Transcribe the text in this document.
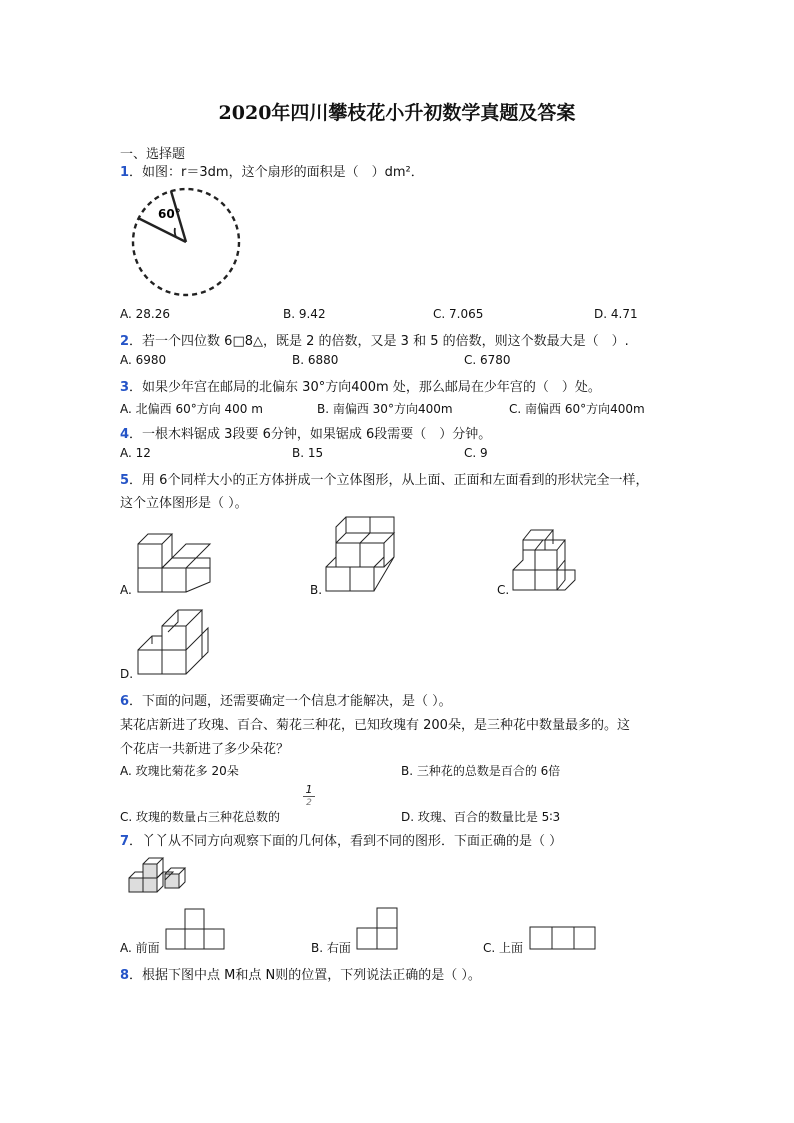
2020年四川攀枝花小升初数学真题及答案
一、选择题
1．如图：r＝3dm，这个扇形的面积是（　）dm²．
60°
A. 28.26	B. 9.42	C. 7.065	D. 4.71
2．若一个四位数 6□8△，既是 2 的倍数，又是 3 和 5 的倍数，则这个数最大是（　）.
A. 6980	B. 6880	C. 6780
3．如果少年宫在邮局的北偏东 30°方向400m 处，那么邮局在少年宫的（　）处。
A. 北偏西 60°方向 400 m	B. 南偏西 30°方向400m	C. 南偏西 60°方向400m
4．一根木料锯成 3段要 6分钟，如果锯成 6段需要（　）分钟。
A. 12	B. 15	C. 9
5．用 6个同样大小的正方体拼成一个立体图形，从上面、正面和左面看到的形状完全一样，
这个立体图形是（ ）。
A.	B.	C.
D.
6．下面的问题，还需要确定一个信息才能解决，是（ ）。
某花店新进了玫瑰、百合、菊花三种花，已知玫瑰有 200朵，是三种花中数量最多的。这
个花店一共新进了多少朵花？
A. 玫瑰比菊花多 20朵	B. 三种花的总数是百合的 6倍
C. 玫瑰的数量占三种花总数的
1
2
D. 玫瑰、百合的数量比是 5∶3
7．丫丫从不同方向观察下面的几何体，看到不同的图形．下面正确的是（ ）
A. 前面	B. 右面	C. 上面
8．根据下图中点 M和点 N则的位置，下列说法正确的是（ ）。
